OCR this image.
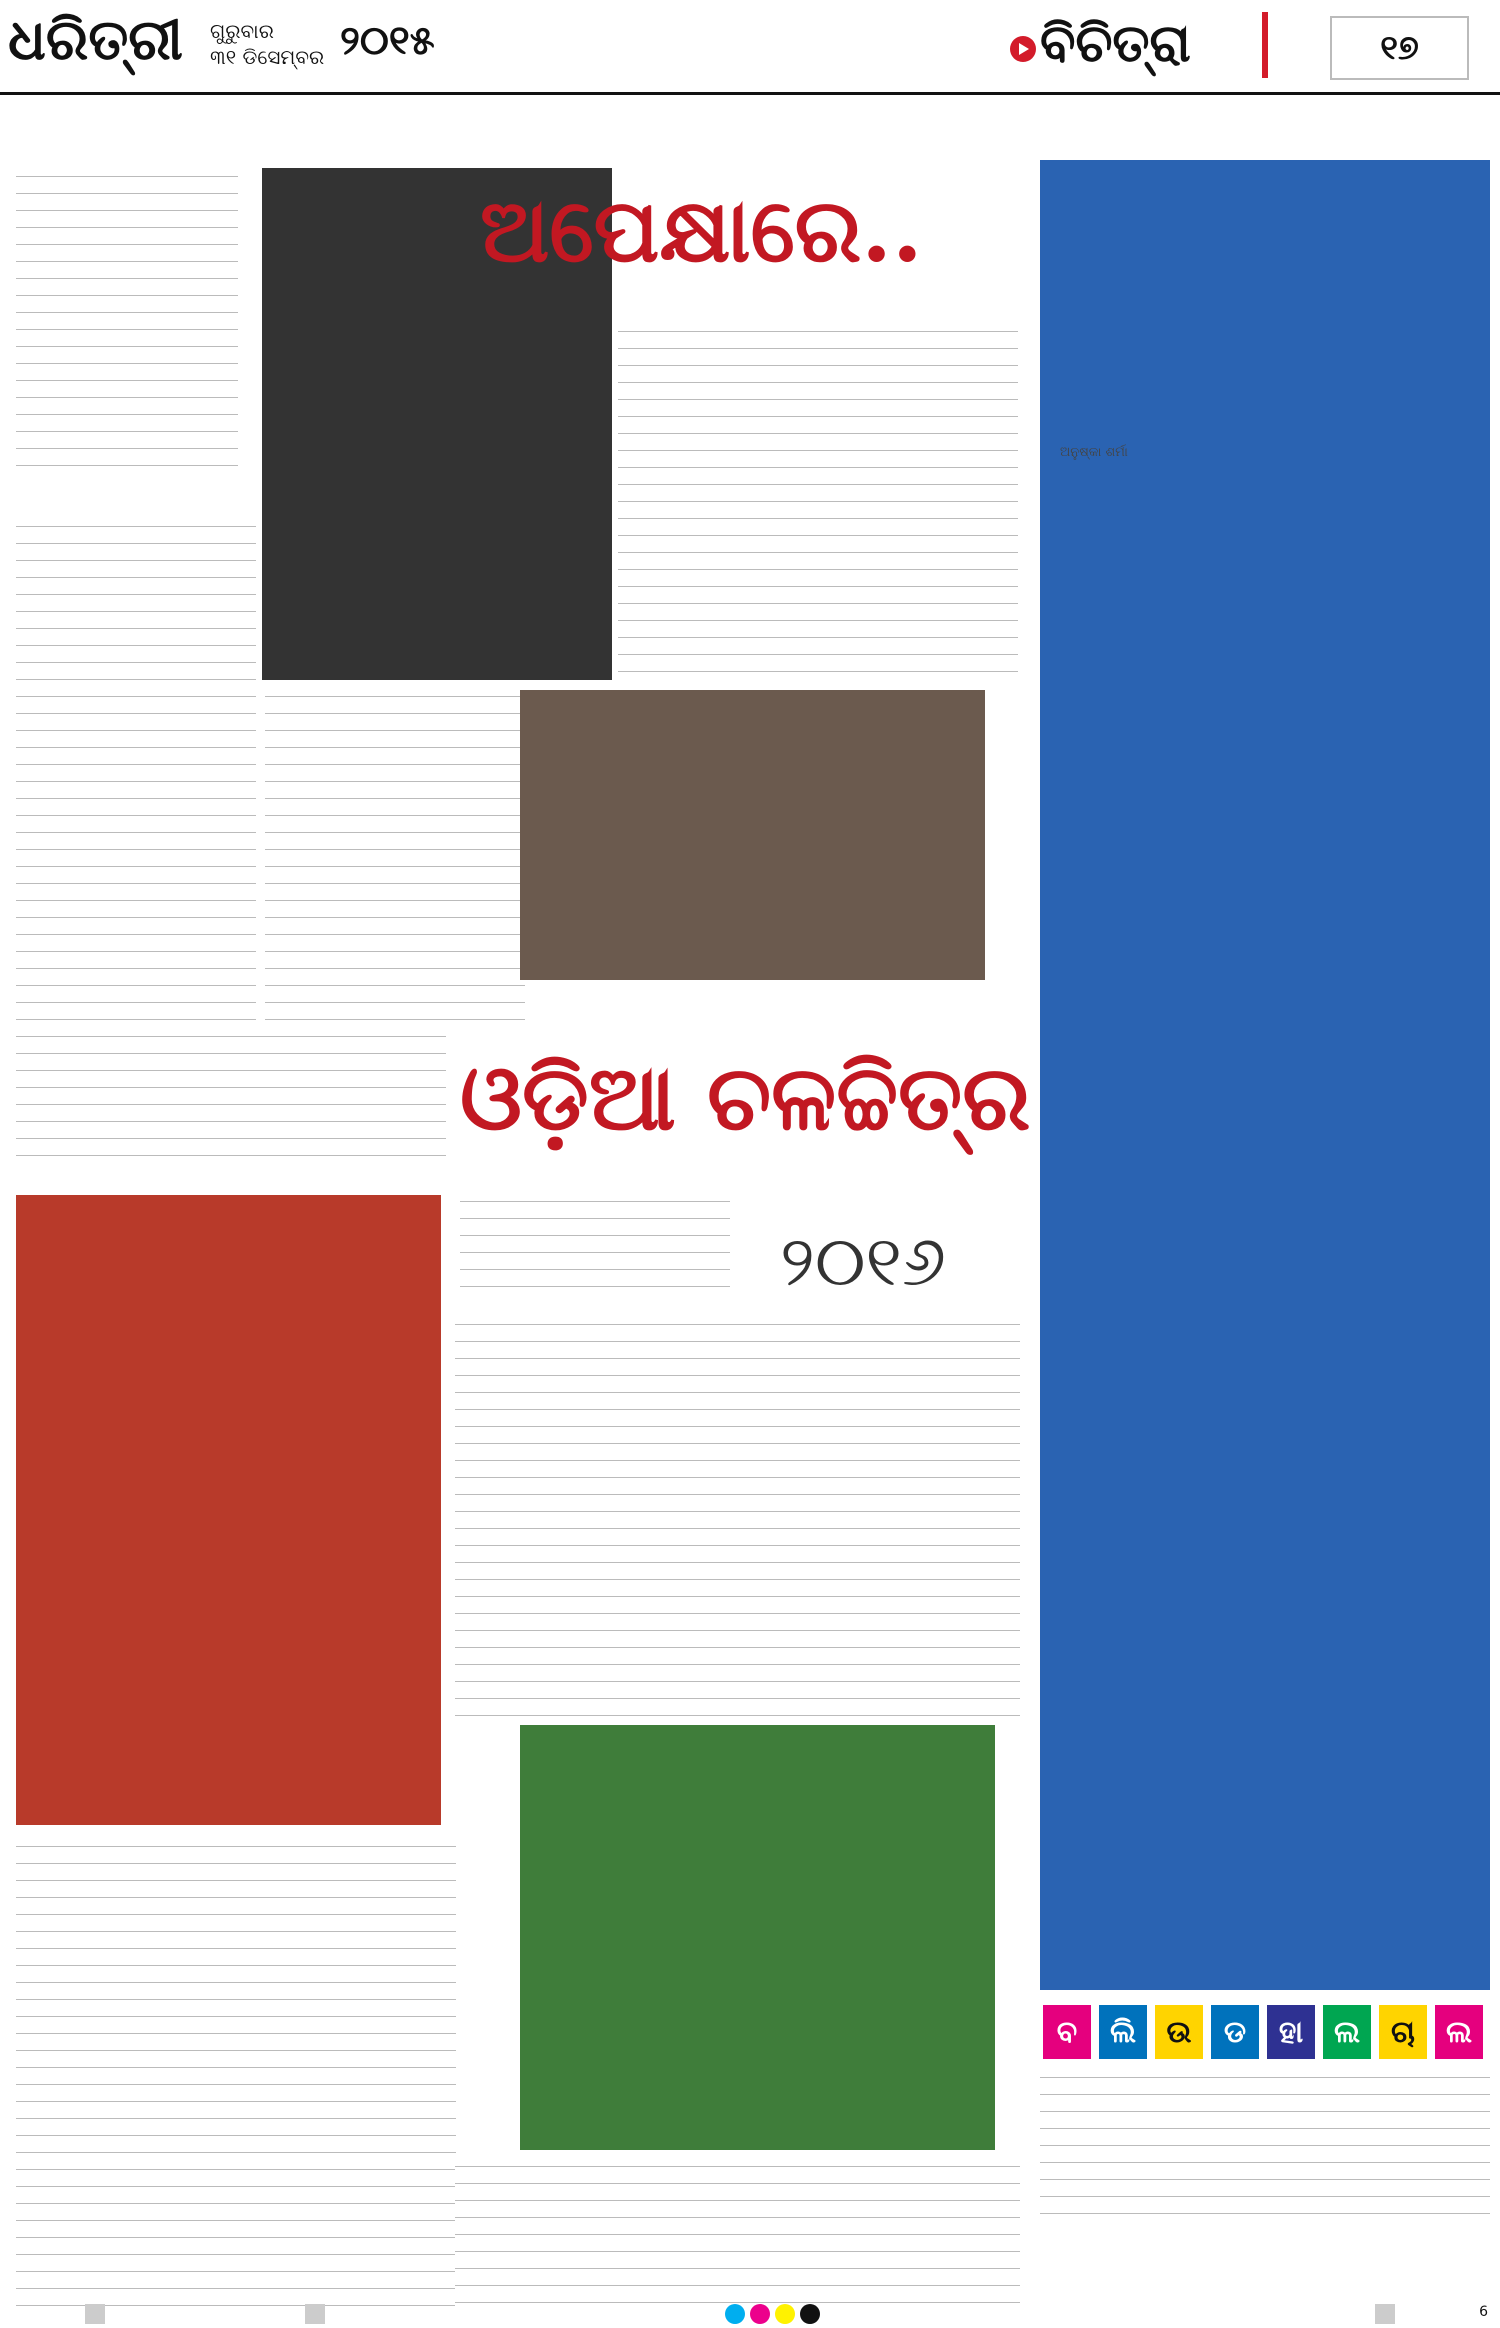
ଧରିତ୍ରୀ ଗୁରୁବାର
୩୧ ଡିସେମ୍ବର ୨୦୧୫	ବିଚିତ୍ରା	୧୭
ଅପେକ୍ଷାରେ..
ଅନୁଷ୍କା ଶର୍ମା
ଓଡ଼ିଆ ଚଳଚ୍ଚିତ୍ର
୨୦୧୬
ବ	ଲି	ଉ	ଡ	ହା	ଲ	ଚା	ଲ
6
